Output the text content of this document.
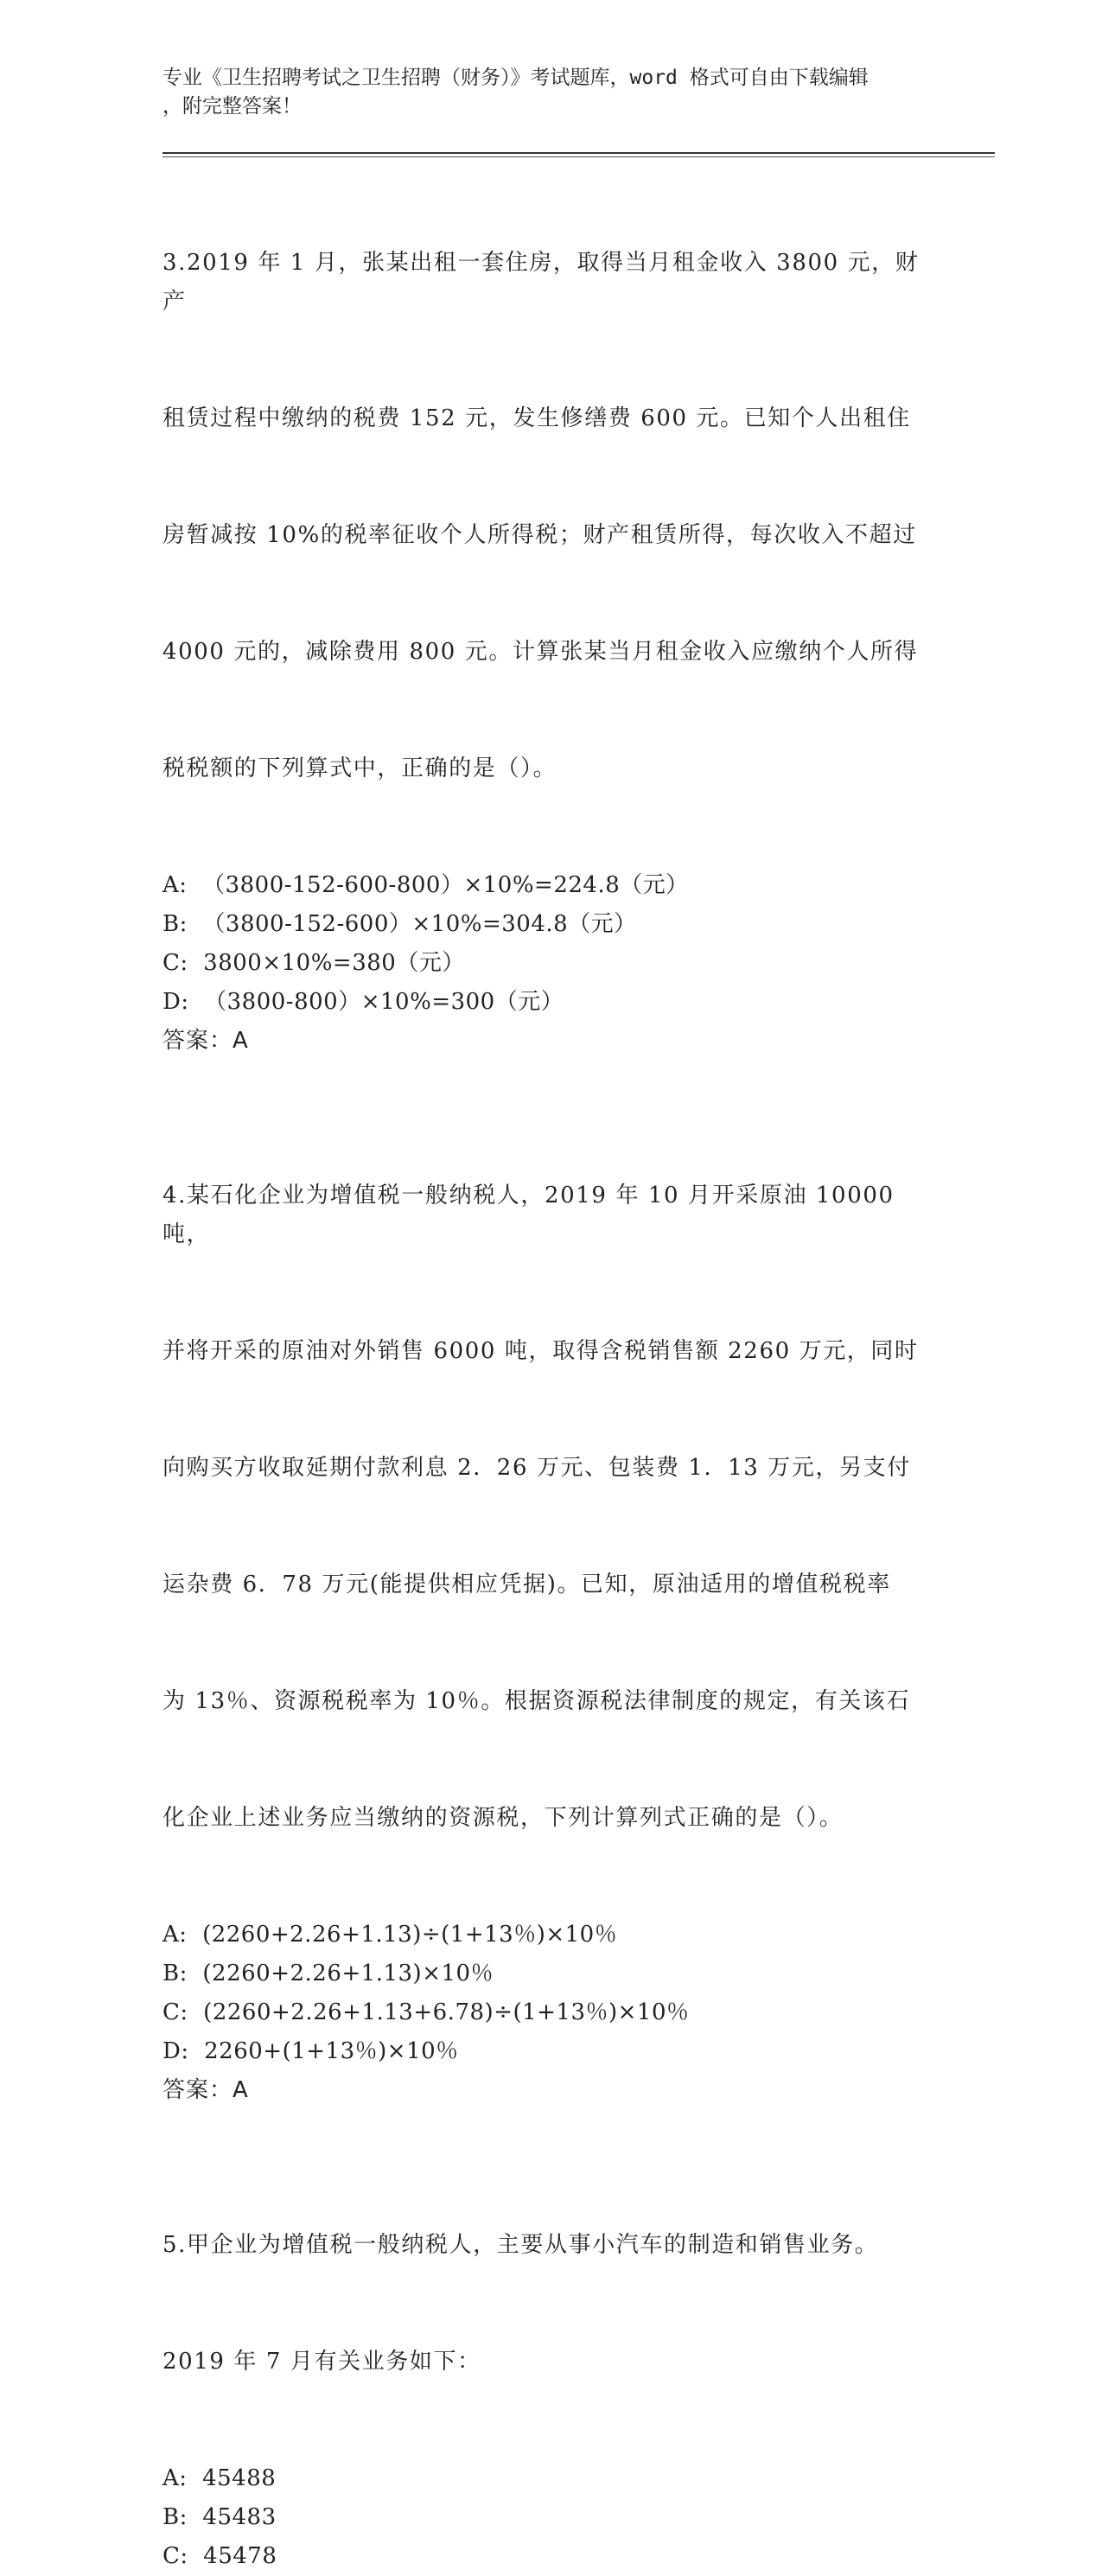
专业《卫生招聘考试之卫生招聘（财务）》考试题库，word 格式可自由下载编辑
，附完整答案！

3.2019 年 1 月，张某出租一套住房，取得当月租金收入 3800 元，财产

租赁过程中缴纳的税费 152 元，发生修缮费 600 元。已知个人出租住

房暂减按 10%的税率征收个人所得税；财产租赁所得，每次收入不超过

4000 元的，减除费用 800 元。计算张某当月租金收入应缴纳个人所得

税税额的下列算式中，正确的是（）。

A:  （3800-152-600-800）×10%=224.8（元）
B:  （3800-152-600）×10%=304.8（元）
C:  3800×10%=380（元）
D:  （3800-800）×10%=300（元）
答案：A

4.某石化企业为增值税一般纳税人，2019 年 10 月开采原油 10000 吨，

并将开采的原油对外销售 6000 吨，取得含税销售额 2260 万元，同时

向购买方收取延期付款利息 2．26 万元、包装费 1．13 万元，另支付

运杂费 6．78 万元(能提供相应凭据)。已知，原油适用的增值税税率

为 13％、资源税税率为 10％。根据资源税法律制度的规定，有关该石

化企业上述业务应当缴纳的资源税，下列计算列式正确的是（）。

A:  (2260+2.26+1.13)÷(1+13％)×10％
B:  (2260+2.26+1.13)×10％
C:  (2260+2.26+1.13+6.78)÷(1+13％)×10％
D:  2260+(1+13％)×10％
答案：A

5.甲企业为增值税一般纳税人，主要从事小汽车的制造和销售业务。

2019 年 7 月有关业务如下：

A:  45488
B:  45483
C:  45478
